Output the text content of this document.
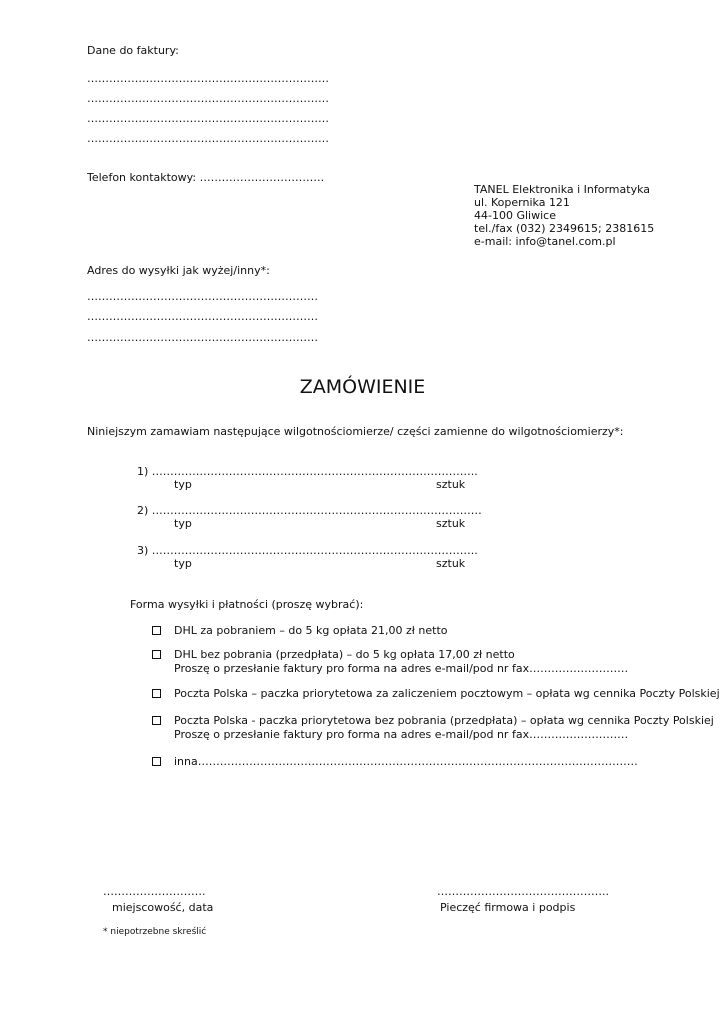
Dane do faktury:
…………………………………………………………
…………………………………………………………
…………………………………………………………
…………………………………………………………
Telefon kontaktowy: …………………………….
TANEL Elektronika i Informatyka
ul. Kopernika 121
44-100 Gliwice
tel./fax (032) 2349615; 2381615
e-mail: info@tanel.com.pl
Adres do wysyłki jak wyżej/inny*:
………………………………………………………
………………………………………………………
………………………………………………………
ZAMÓWIENIE
Niniejszym zamawiam następujące wilgotnościomierze/ części zamienne do wilgotnościomierzy*:
1) ……………………………………………………………………………..
typ	sztuk
2) ………………………………………………………………………………
typ	sztuk
3) ……………………………………………………………………………..
typ	sztuk
Forma wysyłki i płatności (proszę wybrać):
DHL za pobraniem – do 5 kg opłata 21,00 zł netto
DHL bez pobrania (przedpłata) – do 5 kg opłata 17,00 zł netto
Proszę o przesłanie faktury pro forma na adres e-mail/pod nr fax………………………
Poczta Polska – paczka priorytetowa za zaliczeniem pocztowym – opłata wg cennika Poczty Polskiej
Poczta Polska - paczka priorytetowa bez pobrania (przedpłata) – opłata wg cennika Poczty Polskiej
Proszę o przesłanie faktury pro forma na adres e-mail/pod nr fax………………………
inna…………………………………………………………………………………………………………
……………………….
miejscowość, data
………………………………………..
Pieczęć firmowa i podpis
* niepotrzebne skreślić
